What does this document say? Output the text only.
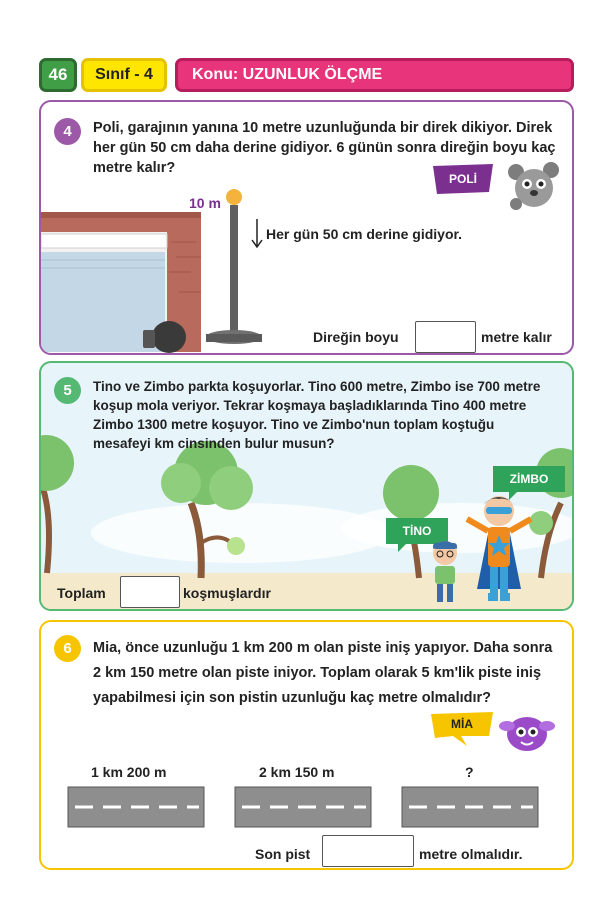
46	Sınıf - 4	Konu: UZUNLUK ÖLÇME
4	Poli, garajının yanına 10 metre uzunluğunda bir direk dikiyor. Direk her gün 50 cm daha derine gidiyor. 6 günün sonra direğin boyu kaç metre kalır?
POLİ
10 m
Her gün 50 cm derine gidiyor.
Direğin boyu	metre kalır
5	Tino ve Zimbo parkta koşuyorlar. Tino 600 metre, Zimbo ise 700 metre koşup mola veriyor. Tekrar koşmaya başladıklarında Tino 400 metre Zimbo 1300 metre koşuyor. Tino ve Zimbo'nun toplam koştuğu mesafeyi km cinsinden bulur musun?
TİNO
ZİMBO
Toplam	koşmuşlardır
6	Mia, önce uzunluğu 1 km 200 m olan piste iniş yapıyor. Daha sonra 2 km 150 metre olan piste iniyor. Toplam olarak 5 km'lik piste iniş yapabilmesi için son pistin uzunluğu kaç metre olmalıdır?
MİA
1 km 200 m	2 km 150 m	?
Son pist	metre olmalıdır.
